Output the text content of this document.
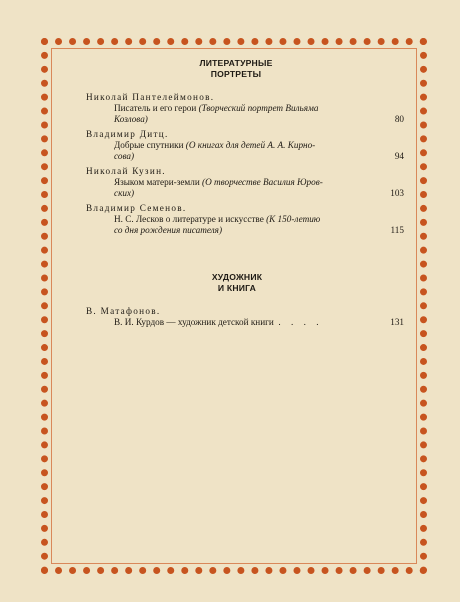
ЛИТЕРАТУРНЫЕ
ПОРТРЕТЫ
Николай Пантелеймонов.
Писатель и его герои (Творческий портрет Вильяма
Козлова)	80
Владимир Дитц.
Добрые спутники (О книгах для детей А. А. Кирно-
сова)	94
Николай Кузин.
Языком матери-земли (О творчестве Василия Юров-
ских)	103
Владимир Семенов.
Н. С. Лесков о литературе и искусстве (К 150-летию
со дня рождения писателя)	115
ХУДОЖНИК
И КНИГА
В. Матафонов.
В. И. Курдов — художник детской книги . . . .	131
